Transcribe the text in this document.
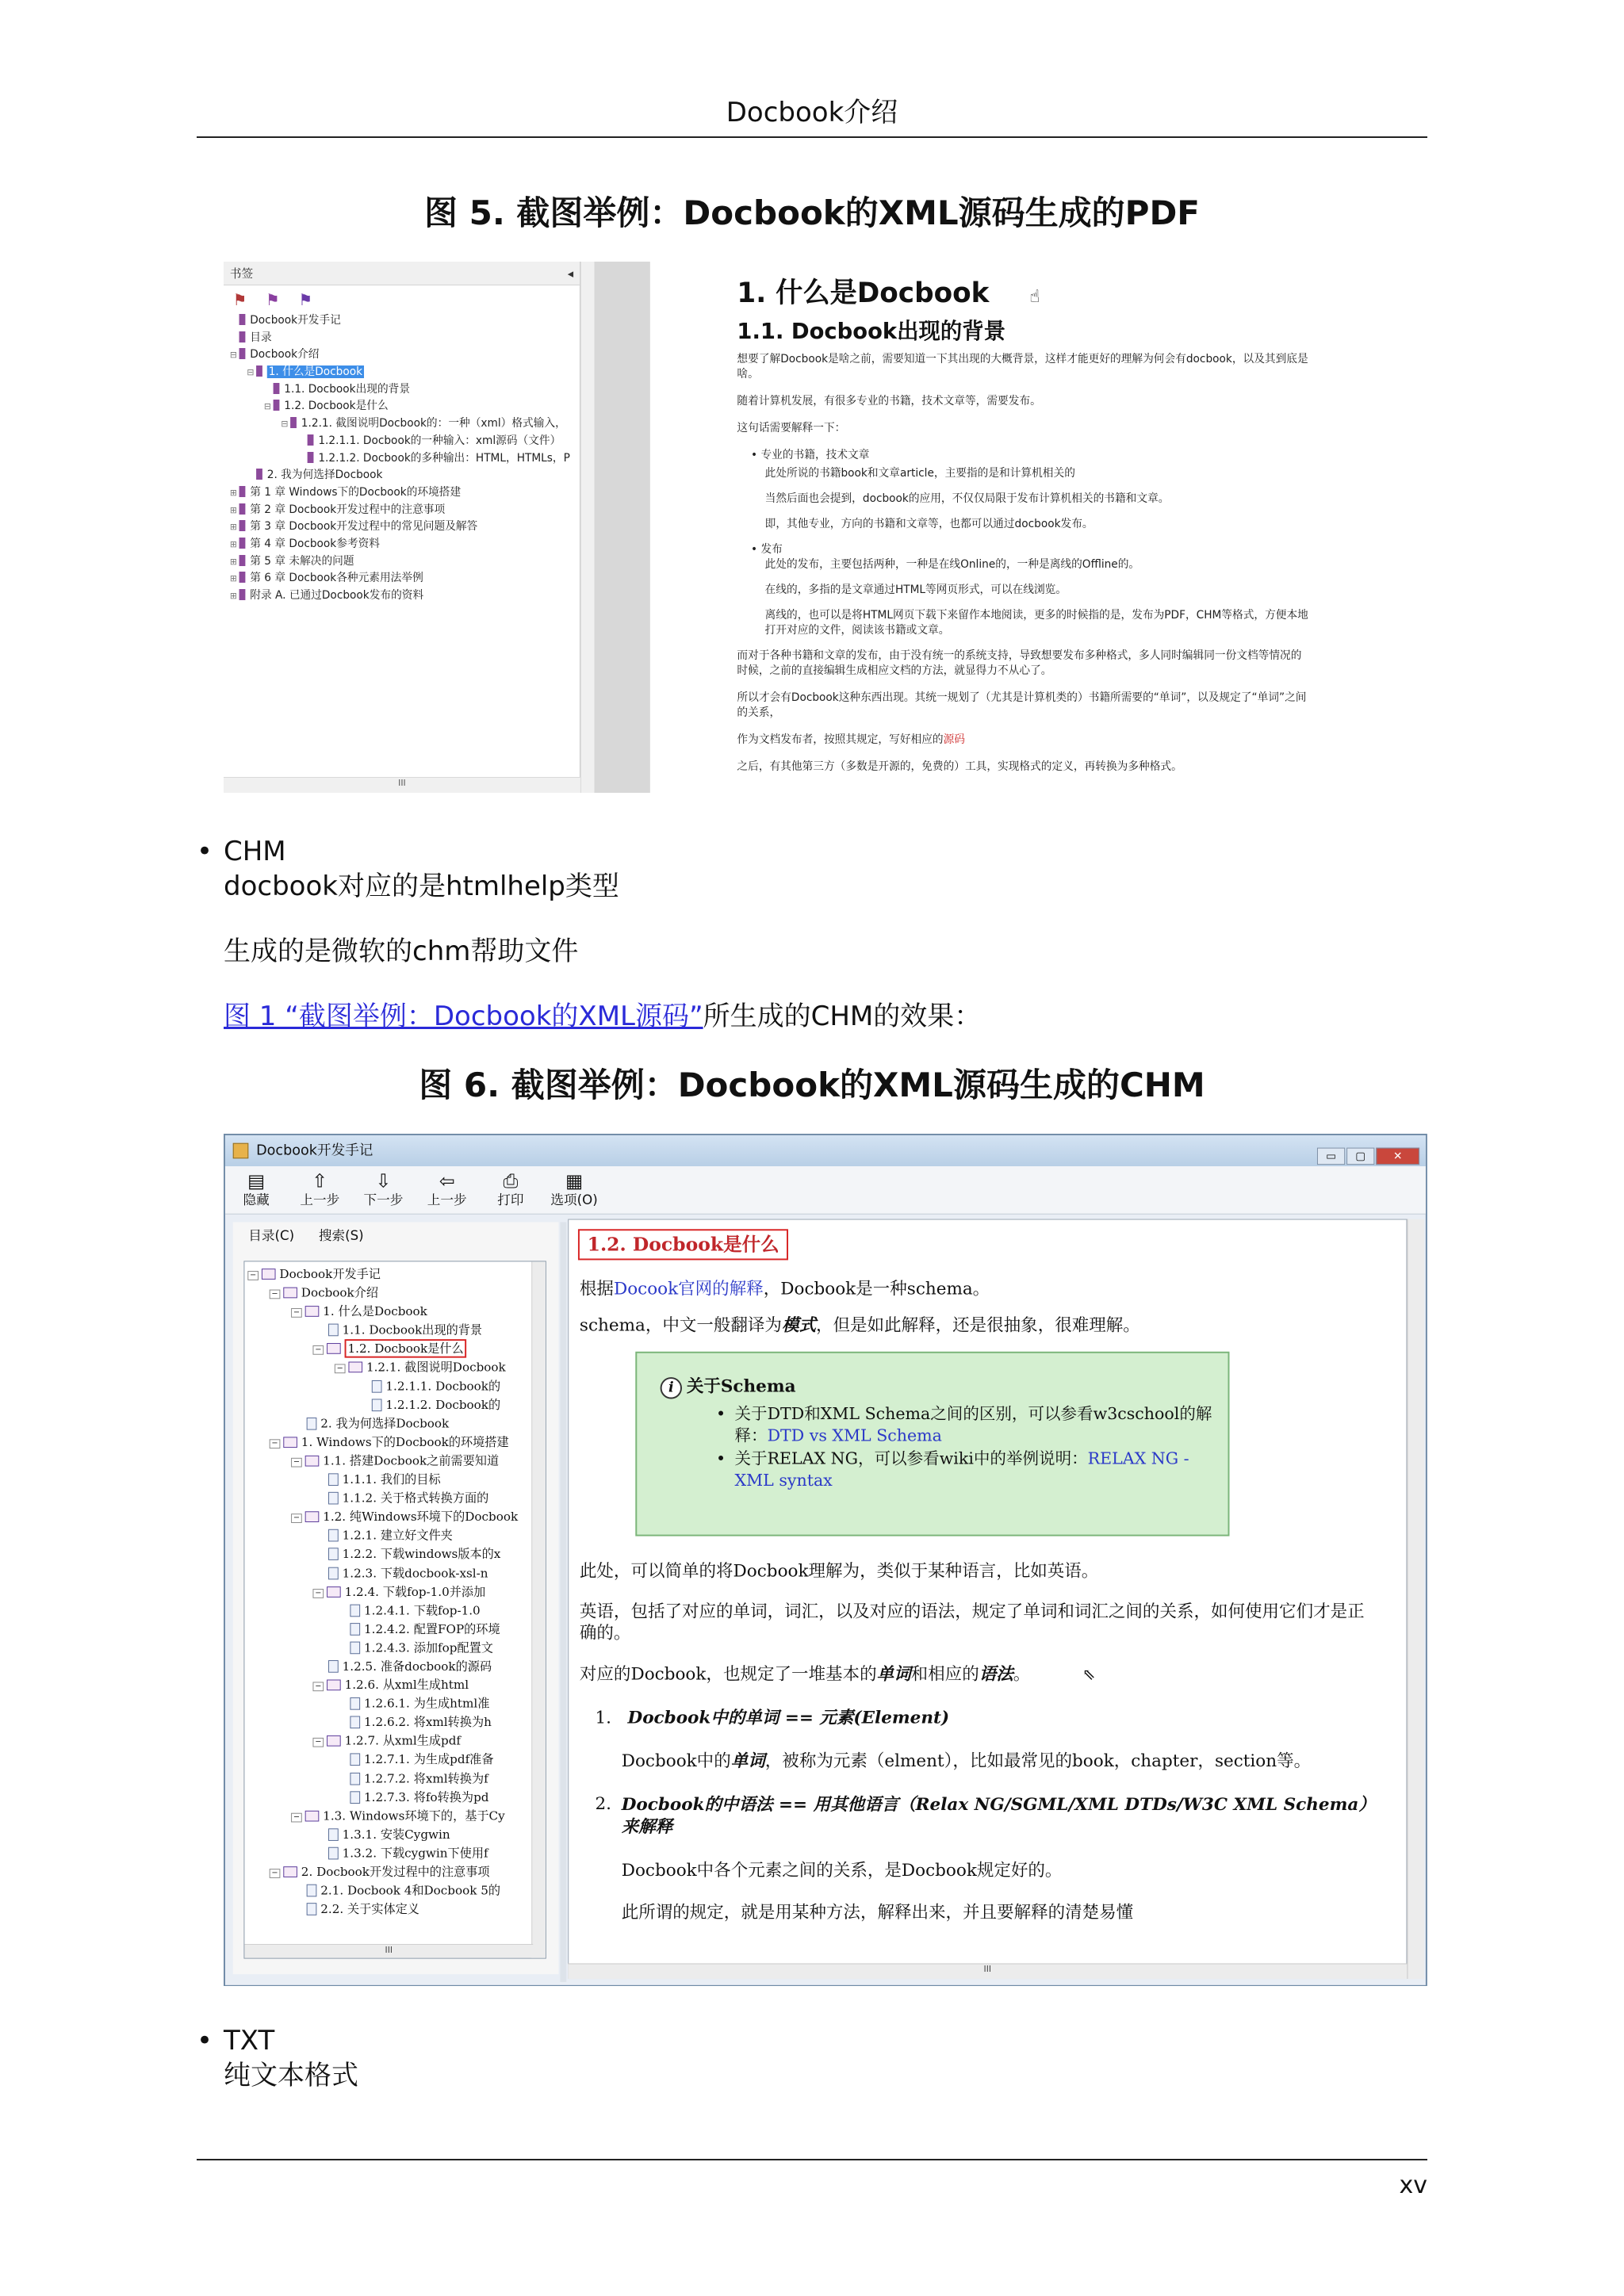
Docbook介绍
图 5. 截图举例：Docbook的XML源码生成的PDF
书签	◂
⚑ ⚑ ⚑
Docbook开发手记
目录
⊟ Docbook介绍
⊟ 1. 什么是Docbook
1.1. Docbook出现的背景
⊟ 1.2. Docbook是什么
⊟ 1.2.1. 截图说明Docbook的：一种（xml）格式输入，
1.2.1.1. Docbook的一种输入：xml源码（文件）
1.2.1.2. Docbook的多种输出：HTML，HTMLs，P
2. 我为何选择Docbook
⊞ 第 1 章 Windows下的Docbook的环境搭建
⊞ 第 2 章 Docbook开发过程中的注意事项
⊞ 第 3 章 Docbook开发过程中的常见问题及解答
⊞ 第 4 章 Docbook参考资料
⊞ 第 5 章 未解决的问题
⊞ 第 6 章 Docbook各种元素用法举例
⊞ 附录 A. 已通过Docbook发布的资料
III
1. 什么是Docbook ☝
1.1. Docbook出现的背景

想要了解Docbook是啥之前，需要知道一下其出现的大概背景，这样才能更好的理解为何会有docbook，以及其到底是啥。

随着计算机发展，有很多专业的书籍，技术文章等，需要发布。

这句话需要解释一下：

• 专业的书籍，技术文章

此处所说的书籍book和文章article，主要指的是和计算机相关的

当然后面也会提到，docbook的应用，不仅仅局限于发布计算机相关的书籍和文章。

即，其他专业，方向的书籍和文章等，也都可以通过docbook发布。

• 发布

此处的发布，主要包括两种，一种是在线Online的，一种是离线的Offline的。

在线的，多指的是文章通过HTML等网页形式，可以在线浏览。

离线的，也可以是将HTML网页下载下来留作本地阅读，更多的时候指的是，发布为PDF，CHM等格式，方便本地打开对应的文件，阅读该书籍或文章。

而对于各种书籍和文章的发布，由于没有统一的系统支持，导致想要发布多种格式，多人同时编辑同一份文档等情况的时候，之前的直接编辑生成相应文档的方法，就显得力不从心了。

所以才会有Docbook这种东西出现。其统一规划了（尤其是计算机类的）书籍所需要的“单词”，以及规定了“单词”之间的关系，

作为文档发布者，按照其规定，写好相应的源码

之后，有其他第三方（多数是开源的，免费的）工具，实现格式的定义，再转换为多种格式。

• CHM
docbook对应的是htmlhelp类型
生成的是微软的chm帮助文件
图 1 “截图举例：Docbook的XML源码”所生成的CHM的效果：
图 6. 截图举例：Docbook的XML源码生成的CHM
Docbook开发手记	▭ ▢ ✕
▤
隐藏
⇧
上一步
⇩
下一步
⇦
上一步
⎙
打印
▦
选项(O)
目录(C) 搜索(S)
− Docbook开发手记
− Docbook介绍
− 1. 什么是Docbook
1.1. Docbook出现的背景
− 1.2. Docbook是什么
− 1.2.1. 截图说明Docbook
1.2.1.1. Docbook的
1.2.1.2. Docbook的
2. 我为何选择Docbook
− 1. Windows下的Docbook的环境搭建
− 1.1. 搭建Docbook之前需要知道
1.1.1. 我们的目标
1.1.2. 关于格式转换方面的
− 1.2. 纯Windows环境下的Docbook
1.2.1. 建立好文件夹
1.2.2. 下载windows版本的x
1.2.3. 下载docbook-xsl-n
− 1.2.4. 下载fop-1.0并添加
1.2.4.1. 下载fop-1.0
1.2.4.2. 配置FOP的环境
1.2.4.3. 添加fop配置文
1.2.5. 准备docbook的源码
− 1.2.6. 从xml生成html
1.2.6.1. 为生成html准
1.2.6.2. 将xml转换为h
− 1.2.7. 从xml生成pdf
1.2.7.1. 为生成pdf准备
1.2.7.2. 将xml转换为f
1.2.7.3. 将fo转换为pd
− 1.3. Windows环境下的，基于Cy
1.3.1. 安装Cygwin
1.3.2. 下载cygwin下使用f
− 2. Docbook开发过程中的注意事项
2.1. Docbook 4和Docbook 5的
2.2. 关于实体定义
III
1.2. Docbook是什么
根据Docook官网的解释，Docbook是一种schema。
schema，中文一般翻译为模式，但是如此解释，还是很抽象，很难理解。
i 关于Schema
• 关于DTD和XML Schema之间的区别，可以参看w3cschool的解释：DTD vs XML Schema
• 关于RELAX NG，可以参看wiki中的举例说明：RELAX NG - XML syntax
此处，可以简单的将Docbook理解为，类似于某种语言，比如英语。
英语，包括了对应的单词，词汇，以及对应的语法，规定了单词和词汇之间的关系，如何使用它们才是正确的。
对应的Docbook，也规定了一堆基本的单词和相应的语法。	⇖
1. Docbook中的单词 == 元素(Element)
Docbook中的单词，被称为元素（elment），比如最常见的book，chapter，section等。
2. Docbook的中语法 == 用其他语言（Relax NG/SGML/XML DTDs/W3C XML Schema）来解释
Docbook中各个元素之间的关系，是Docbook规定好的。
此所谓的规定，就是用某种方法，解释出来，并且要解释的清楚易懂
III
• TXT
纯文本格式
xv
